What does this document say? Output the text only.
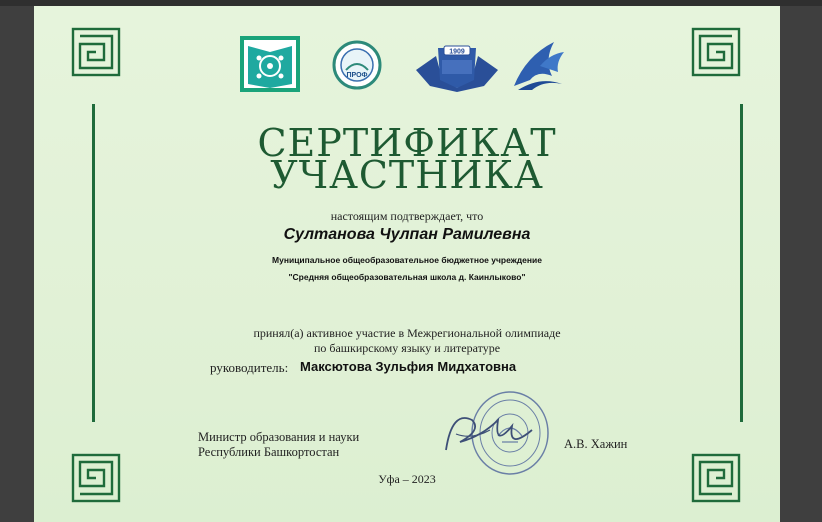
ПРОФ
1909
СЕРТИФИКАТ
УЧАСТНИКА
настоящим подтверждает, что
Султанова Чулпан Рамилевна
Муниципальное общеобразовательное бюджетное учреждение
"Средняя общеобразовательная школа д. Каинлыково"
принял(а) активное участие в Межрегиональной олимпиаде
по башкирскому языку и литературе
руководитель: Максютова Зульфия Мидхатовна
Министр образования и науки
Республики Башкортостан
А.В. Хажин
Уфа – 2023
